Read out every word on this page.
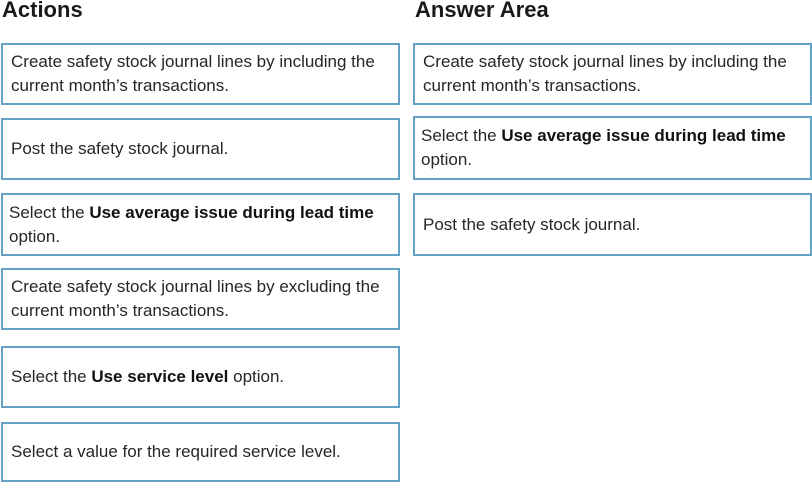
Actions	Answer Area
Create safety stock journal lines by including the current month’s transactions.
Post the safety stock journal.
Select the Use average issue during lead time option.
Create safety stock journal lines by excluding the current month’s transactions.
Select the Use service level option.
Select a value for the required service level.
Create safety stock journal lines by including the current month’s transactions.
Select the Use average issue during lead time option.
Post the safety stock journal.
